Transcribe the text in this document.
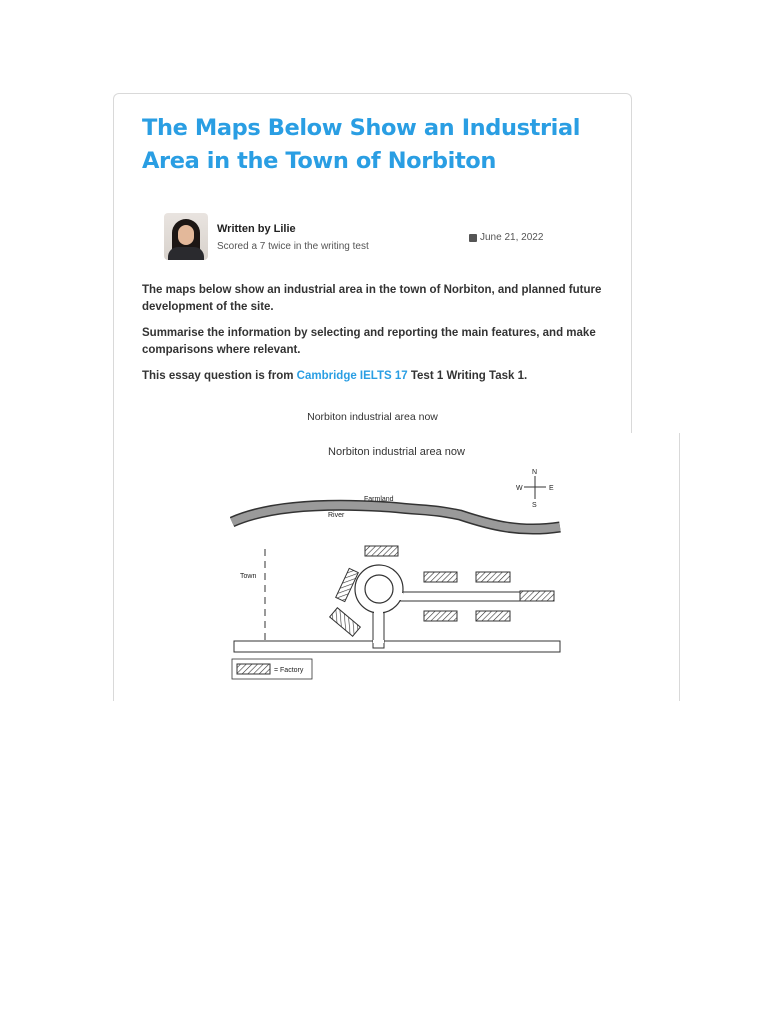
The Maps Below Show an Industrial Area in the Town of Norbiton
Written by Lilie
Scored a 7 twice in the writing test
June 21, 2022

The maps below show an industrial area in the town of Norbiton, and planned future development of the site.

Summarise the information by selecting and reporting the main features, and make comparisons where relevant.

This essay question is from Cambridge IELTS 17 Test 1 Writing Task 1.

Norbiton industrial area now
Norbiton industrial area now
Farmland
River
N
S
E
W
Town
= Factory
